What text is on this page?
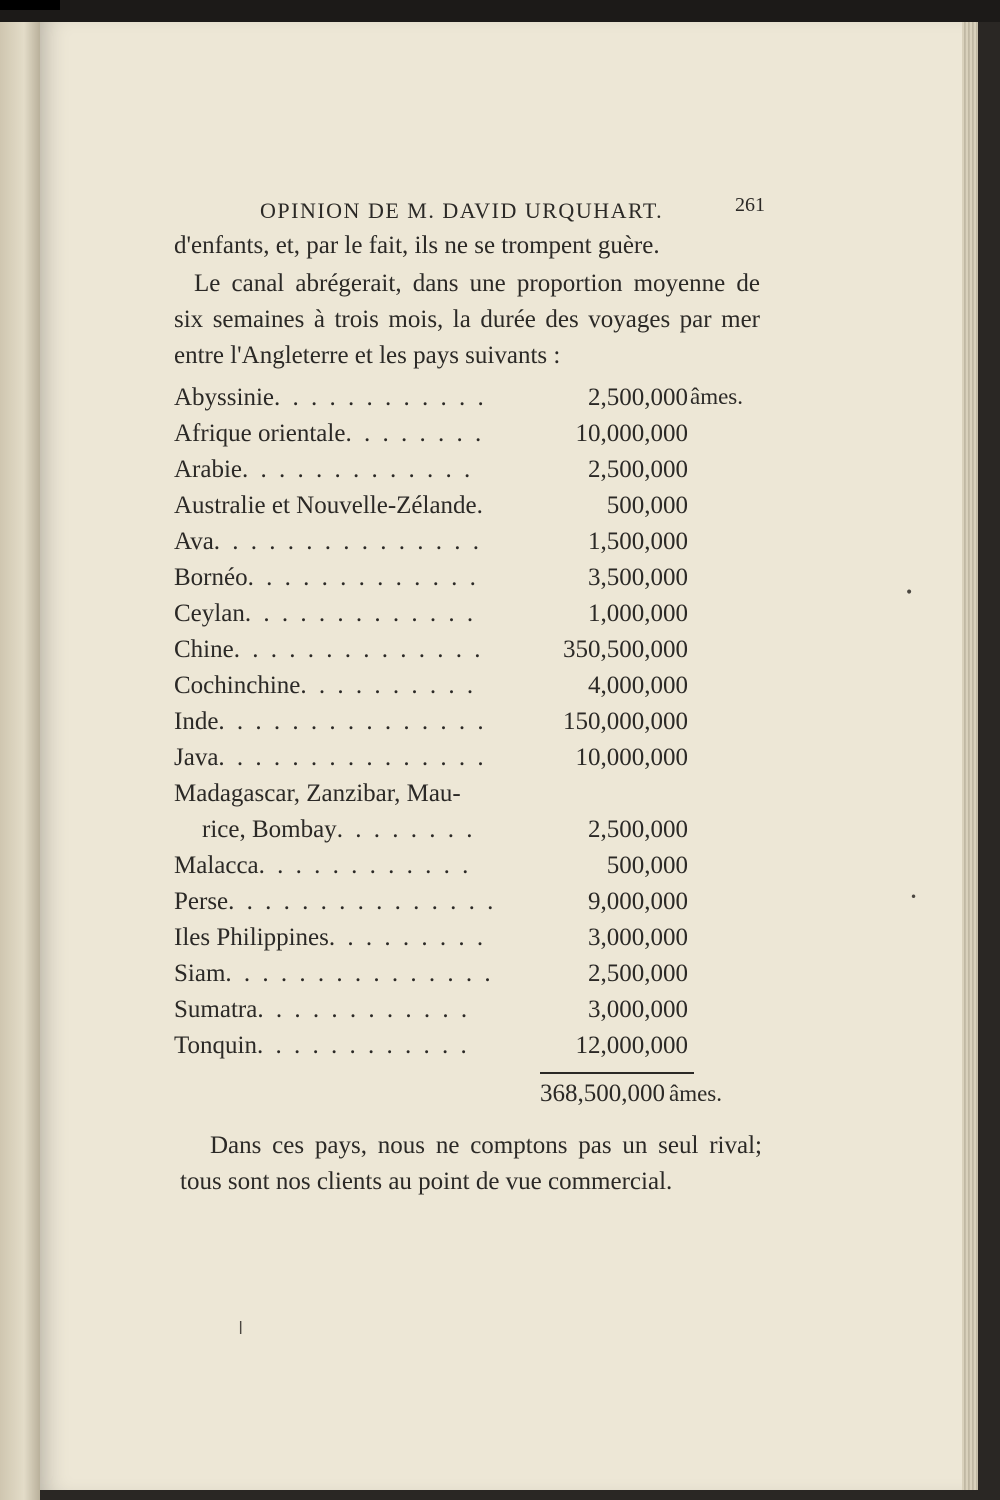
OPINION DE M. DAVID URQUHART.	261
d'enfants, et, par le fait, ils ne se trompent guère.
Le canal abrégerait, dans une proportion moyenne de six semaines à trois mois, la durée des voyages par mer entre l'Angleterre et les pays suivants :
Abyssinie. . . . . . . . . . . .	2,500,000 âmes.
Afrique orientale. . . . . . . .	10,000,000
Arabie. . . . . . . . . . . . .	2,500,000
Australie et Nouvelle-Zélande.	500,000
Ava. . . . . . . . . . . . . . .	1,500,000
Bornéo. . . . . . . . . . . . .	3,500,000
Ceylan. . . . . . . . . . . . .	1,000,000
Chine. . . . . . . . . . . . . .	350,500,000
Cochinchine. . . . . . . . . .	4,000,000
Inde. . . . . . . . . . . . . . .	150,000,000
Java. . . . . . . . . . . . . . .	10,000,000
Madagascar, Zanzibar, Mau-
rice, Bombay. . . . . . . .	2,500,000
Malacca. . . . . . . . . . . .	500,000
Perse. . . . . . . . . . . . . . .	9,000,000
Iles Philippines. . . . . . . . .	3,000,000
Siam. . . . . . . . . . . . . . .	2,500,000
Sumatra. . . . . . . . . . . .	3,000,000
Tonquin. . . . . . . . . . . .	12,000,000
368,500,000 âmes.
Dans ces pays, nous ne comptons pas un seul rival; tous sont nos clients au point de vue commercial.
•
•
ǀ
